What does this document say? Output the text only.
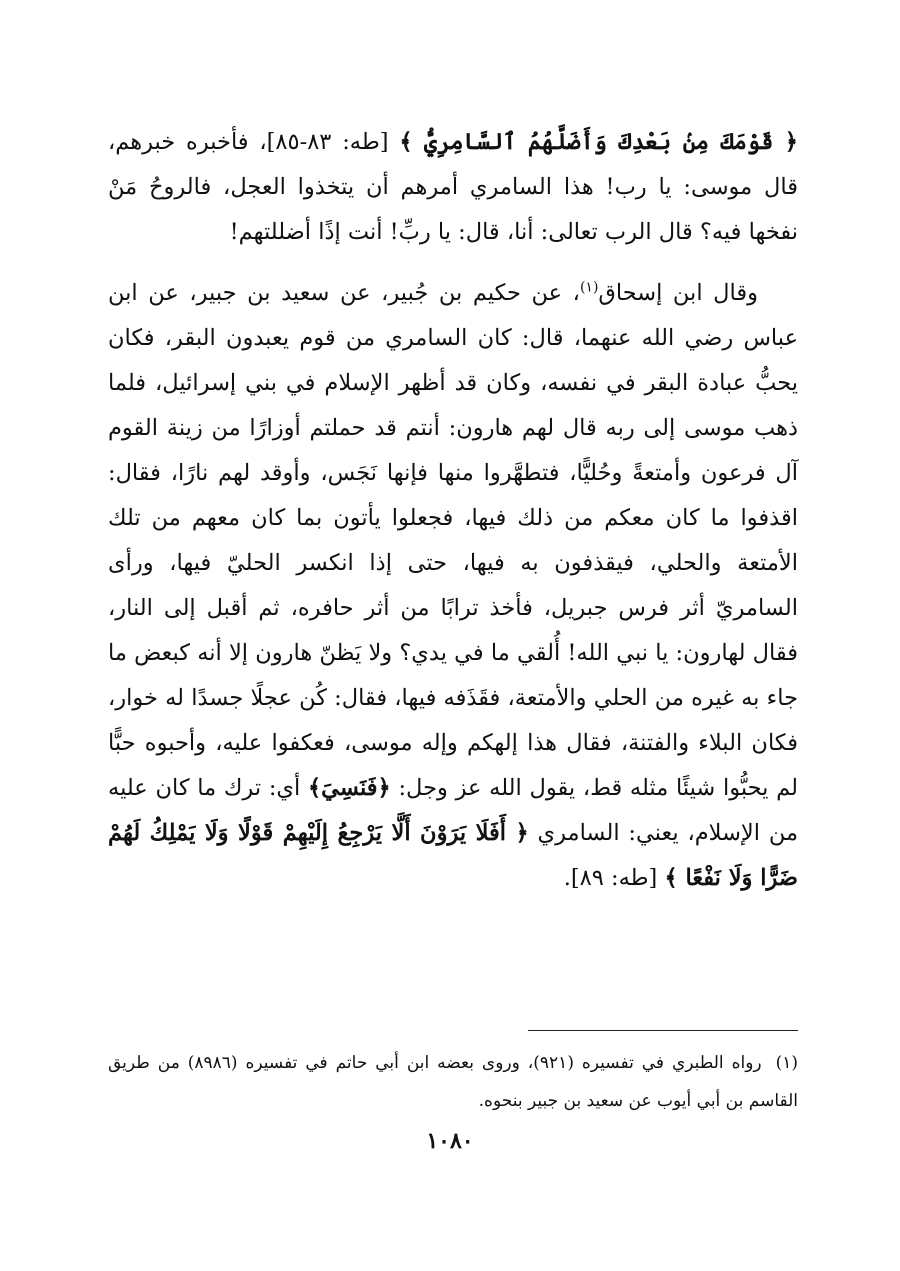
﴿ قَوْمَكَ مِنۢ بَعْدِكَ وَأَضَلَّهُمُ ٱلسَّامِرِيُّ ﴾ [طه: ٨٣-٨٥]، فأخبره خبرهم، قال موسى: يا رب! هذا السامري أمرهم أن يتخذوا العجل، فالروحُ مَنْ نفخها فيه؟ قال الرب تعالى: أنا، قال: يا ربِّ! أنت إذًا أضللتهم!

وقال ابن إسحاق$^{(١)}$، عن حكيم بن جُبير، عن سعيد بن جبير، عن ابن عباس رضي الله عنهما، قال: كان السامري من قوم يعبدون البقر، فكان يحبُّ عبادة البقر في نفسه، وكان قد أظهر الإسلام في بني إسرائيل، فلما ذهب موسى إلى ربه قال لهم هارون: أنتم قد حملتم أوزارًا من زينة القوم آل فرعون وأمتعةً وحُليًّا، فتطهَّروا منها فإنها نَجَس، وأوقد لهم نارًا، فقال: اقذفوا ما كان معكم من ذلك فيها، فجعلوا يأتون بما كان معهم من تلك الأمتعة والحلي، فيقذفون به فيها، حتى إذا انكسر الحليّ فيها، ورأى السامريّ أثر فرس جبريل، فأخذ ترابًا من أثر حافره، ثم أقبل إلى النار، فقال لهارون: يا نبي الله! أُلقي ما في يدي؟ ولا يَظنّ هارون إلا أنه كبعض ما جاء به غيره من الحلي والأمتعة، فقَذَفه فيها، فقال: كُن عجلًا جسدًا له خوار، فكان البلاء والفتنة، فقال هذا إلهكم وإله موسى، فعكفوا عليه، وأحبوه حبًّا لم يحبُّوا شيئًا مثله قط، يقول الله عز وجل: ﴿فَنَسِيَ﴾ أي: ترك ما كان عليه من الإسلام، يعني: السامري ﴿ أَفَلَا يَرَوْنَ أَلَّا يَرْجِعُ إِلَيْهِمْ قَوْلًا وَلَا يَمْلِكُ لَهُمْ ضَرًّا وَلَا نَفْعًا ﴾ [طه: ٨٩].

(١) رواه الطبري في تفسيره (٩٢١)، وروى بعضه ابن أبي حاتم في تفسيره (٨٩٨٦) من طريق القاسم بن أبي أيوب عن سعيد بن جبير بنحوه.

١٠٨٠
